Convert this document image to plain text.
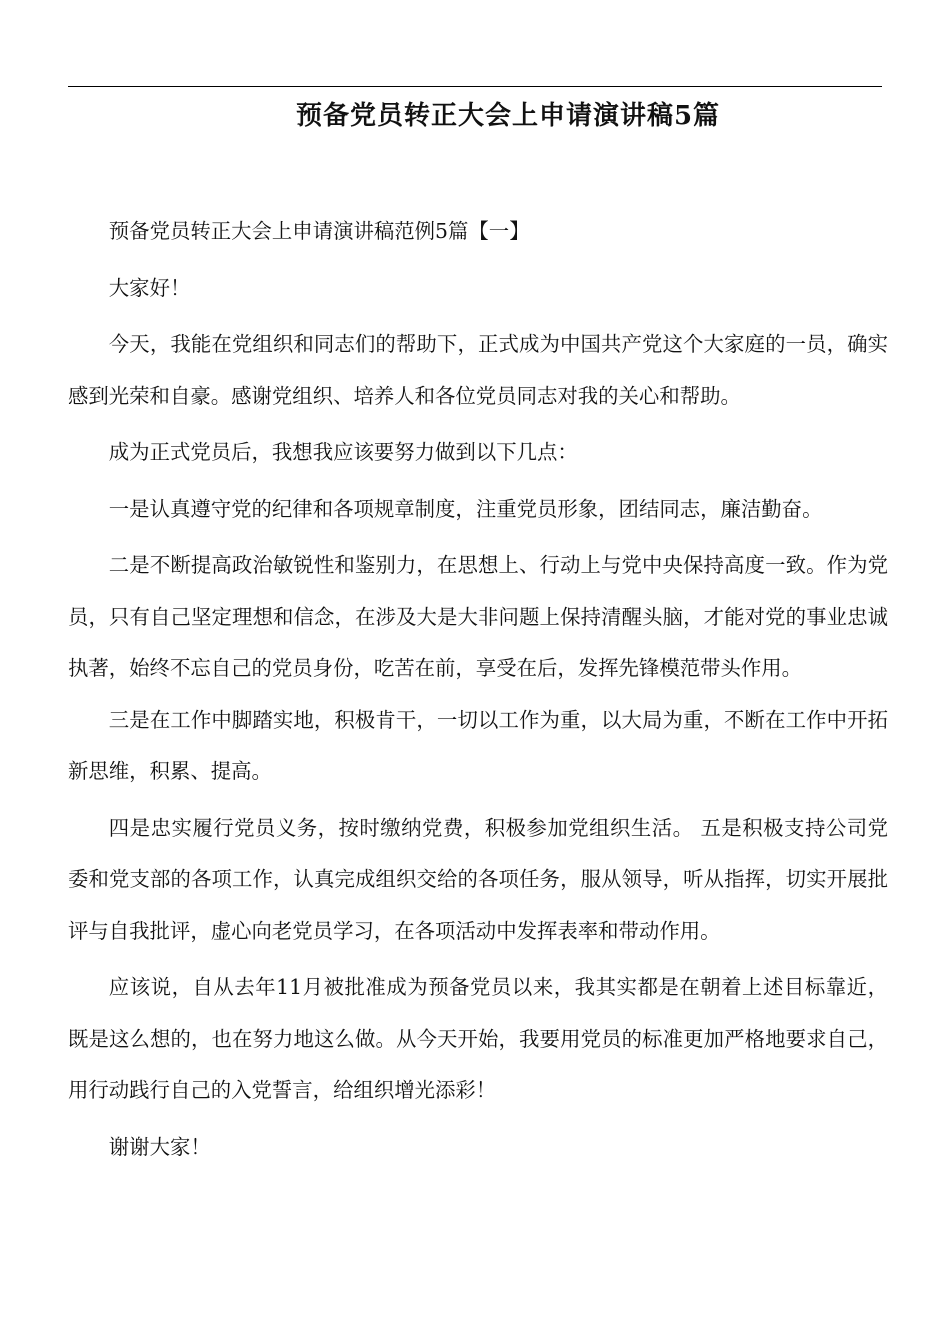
预备党员转正大会上申请演讲稿5篇

预备党员转正大会上申请演讲稿范例5篇【一】

大家好！

今天，我能在党组织和同志们的帮助下，正式成为中国共产党这个大家庭的一员，确实感到光荣和自豪。感谢党组织、培养人和各位党员同志对我的关心和帮助。

成为正式党员后，我想我应该要努力做到以下几点：

一是认真遵守党的纪律和各项规章制度，注重党员形象，团结同志，廉洁勤奋。

二是不断提高政治敏锐性和鉴别力，在思想上、行动上与党中央保持高度一致。作为党员，只有自己坚定理想和信念，在涉及大是大非问题上保持清醒头脑，才能对党的事业忠诚执著，始终不忘自己的党员身份，吃苦在前，享受在后，发挥先锋模范带头作用。

三是在工作中脚踏实地，积极肯干，一切以工作为重，以大局为重，不断在工作中开拓新思维，积累、提高。

四是忠实履行党员义务，按时缴纳党费，积极参加党组织生活。 五是积极支持公司党委和党支部的各项工作，认真完成组织交给的各项任务，服从领导，听从指挥，切实开展批评与自我批评，虚心向老党员学习，在各项活动中发挥表率和带动作用。

应该说，自从去年11月被批准成为预备党员以来，我其实都是在朝着上述目标靠近，既是这么想的，也在努力地这么做。从今天开始，我要用党员的标准更加严格地要求自己，用行动践行自己的入党誓言，给组织增光添彩！

谢谢大家！
